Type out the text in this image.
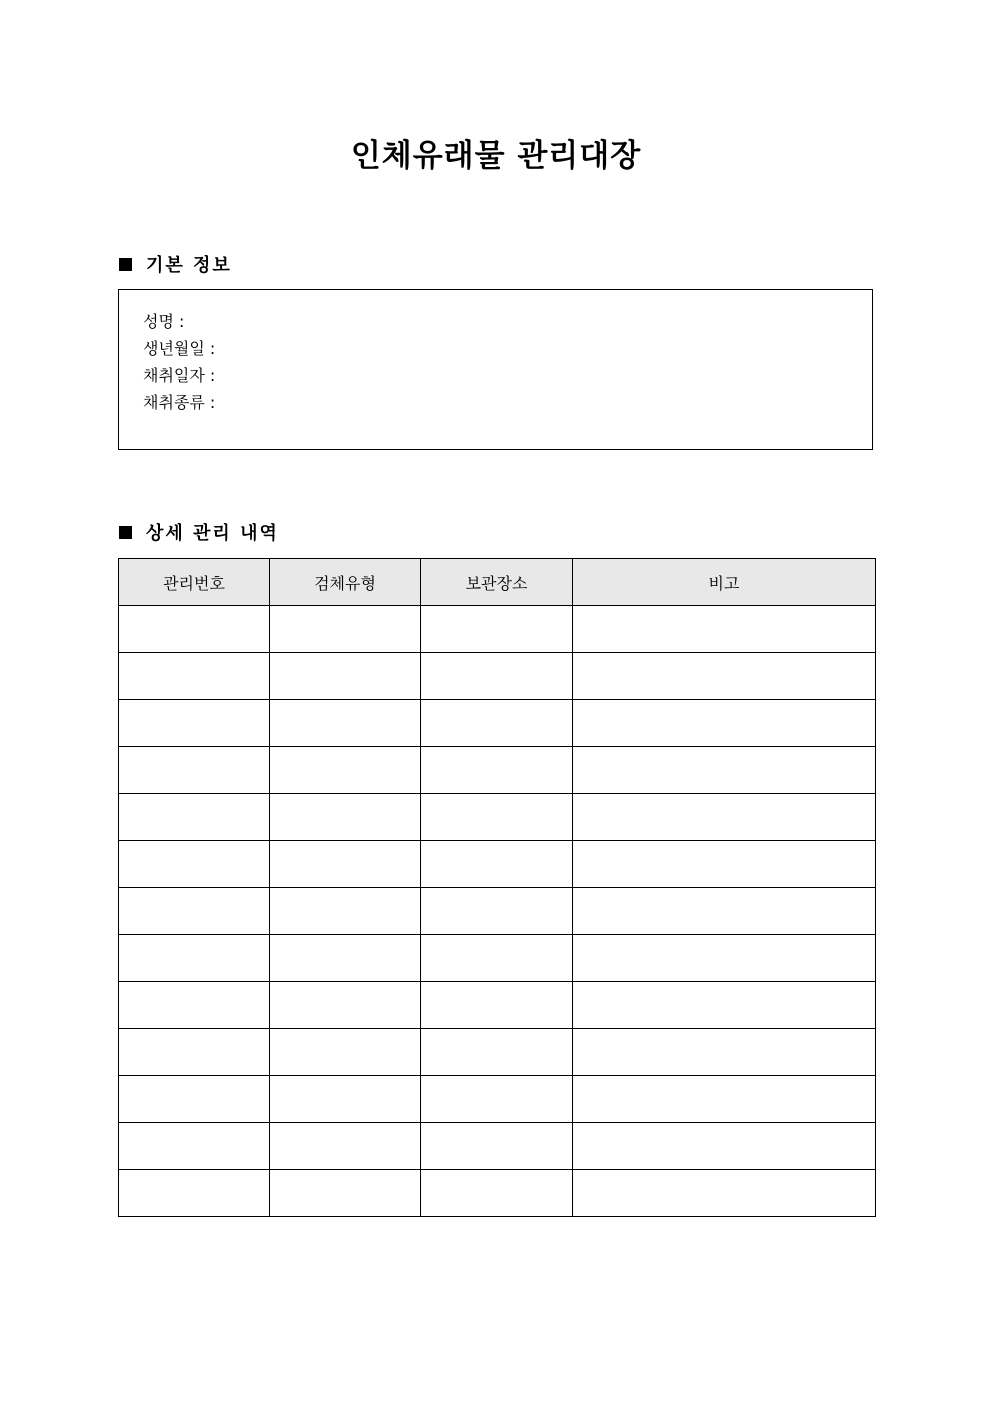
인체유래물 관리대장
기본 정보
성명 :
생년월일 :
채취일자 :
채취종류 :
상세 관리 내역
관리번호	검체유형	보관장소	비고
